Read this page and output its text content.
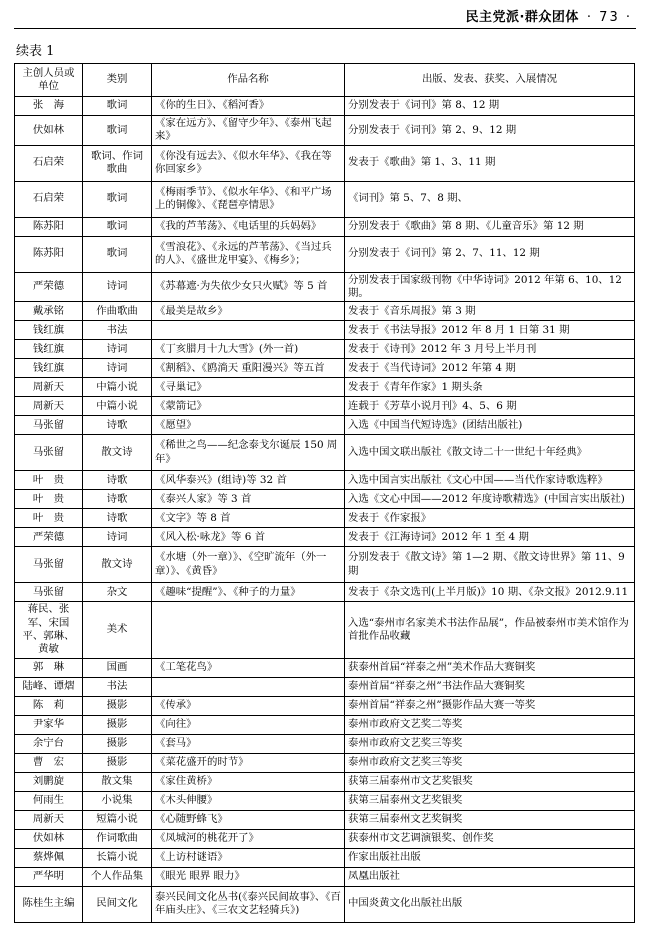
民主党派·群众团体 · 73 ·
续表 1
主创人员或单位	类别	作品名称	出版、发表、获奖、入展情况
张　海	歌词	《你的生日》、《稻河香》	分别发表于《词刊》第 8、12 期
伏如林	歌词	《家在远方》、《留守少年》、《泰州飞起来》	分别发表于《词刊》第 2、9、12 期
石启荣	歌词、作词歌曲	《你没有远去》、《似水年华》、《我在等你回家乡》	发表于《歌曲》第 1、3、11 期
石启荣	歌词	《梅雨季节》、《似水年华》、《和平广场上的铜像》、《琵琶亭情思》	《词刊》第 5、7、8 期、
陈苏阳	歌词	《我的芦苇荡》、《电话里的兵妈妈》	分别发表于《歌曲》第 8 期、《儿童音乐》第 12 期
陈苏阳	歌词	《雪浪花》、《永远的芦苇荡》、《当过兵的人》、《盛世龙甲宴》、《梅乡》；	分别发表于《词刊》第 2、7、11、12 期
严荣德	诗词	《苏幕遮·为失依少女只火赋》等 5 首	分别发表于国家级刊物《中华诗词》2012 年第 6、10、12 期。
戴承铭	作曲歌曲	《最美是故乡》	发表于《音乐周报》第 3 期
钱红旗	书法		发表于《书法导报》2012 年 8 月 1 日第 31 期
钱红旗	诗词	《丁亥腊月十九大雪》(外一首)	发表于《诗刊》2012 年 3 月号上半月刊
钱红旗	诗词	《割稻》、《鸥淌天 重阳漫兴》等五首	发表于《当代诗词》2012 年第 4 期
周新天	中篇小说	《寻巢记》	发表于《青年作家》1 期头条
周新天	中篇小说	《蒙箭记》	连载于《芳草小说月刊》4、5、6 期
马张留	诗歌	《愿望》	入选《中国当代短诗选》(团结出版社)
马张留	散文诗	《稀世之鸟——纪念泰戈尔诞辰 150 周年》	入选中国文联出版社《散文诗二十一世纪十年经典》
叶　贵	诗歌	《风华泰兴》(组诗)等 32 首	入选中国言实出版社《文心中国——当代作家诗歌选粹》
叶　贵	诗歌	《泰兴人家》等 3 首	入选《文心中国——2012 年度诗歌精选》(中国言实出版社)
叶　贵	诗歌	《文字》等 8 首	发表于《作家报》
严荣德	诗词	《风入松·咏龙》等 6 首	发表于《江海诗词》2012 年 1 至 4 期
马张留	散文诗	《水塘（外一章）》、《空旷流年（外一章）》、《黄昏》	分别发表于《散文诗》第 1—2 期、《散文诗世界》第 11、9 期
马张留	杂文	《趣味“提醒”》、《种子的力量》	发表于《杂文选刊(上半月版)》10 期、《杂文报》2012.9.11
蒋民、张军、宋国平、郭琳、黄敏	美术		入选“泰州市名家美术书法作品展”，作品被泰州市美术馆作为首批作品收藏
郭　琳	国画	《工笔花鸟》	获泰州首届“祥泰之州”美术作品大赛铜奖
陆峰、谭熠	书法		泰州首届“祥泰之州”书法作品大赛铜奖
陈　莉	摄影	《传承》	泰州首届“祥泰之州”摄影作品大赛一等奖
尹家华	摄影	《向往》	泰州市政府文艺奖二等奖
余宁台	摄影	《套马》	泰州市政府文艺奖三等奖
曹　宏	摄影	《菜花盛开的时节》	泰州市政府文艺奖三等奖
刘鹏旋	散文集	《家住黄桥》	获第三届泰州市文艺奖银奖
何雨生	小说集	《木头伸腰》	获第三届泰州文艺奖银奖
周新天	短篇小说	《心随野蜂飞》	获第三届泰州文艺奖铜奖
伏如林	作词歌曲	《凤城河的桃花开了》	获泰州市文艺调演银奖、创作奖
蔡烨佩	长篇小说	《上访村谜语》	作家出版社出版
严华明	个人作品集	《眼光 眼界 眼力》	凤凰出版社
陈桂生主编	民间文化	泰兴民间文化丛书(《泰兴民间故事》、《百年庙头庄》、《三农文艺轻骑兵》)	中国炎黄文化出版社出版
